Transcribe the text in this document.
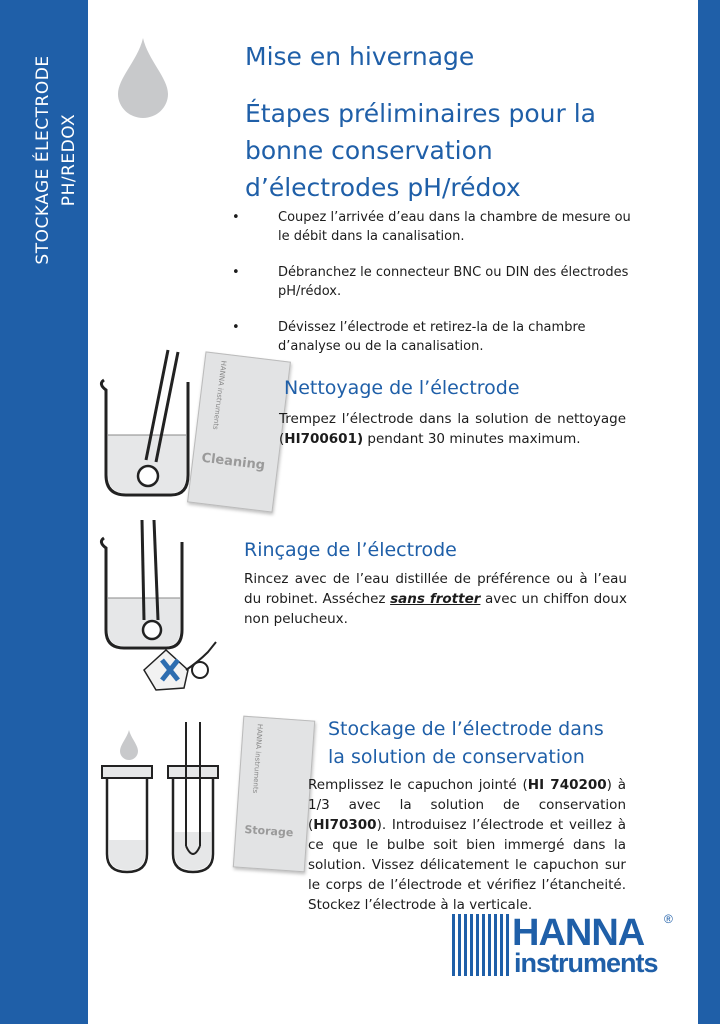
STOCKAGE ÉLECTRODE PH/REDOX
Mise en hivernage
Étapes préliminaires pour la bonne conservation d’électrodes pH/rédox
• Coupez l’arrivée d’eau dans la chambre de mesure ou le débit dans la canalisation.
• Débranchez le connecteur BNC ou DIN des électrodes pH/rédox.
• Dévissez l’électrode et retirez-la de la chambre d’analyse ou de la canalisation.
HANNA instruments
Cleaning
Nettoyage de l’électrode

Trempez l’électrode dans la solution de nettoyage (HI700601) pendant 30 minutes maximum.

Rinçage de l’électrode

Rincez avec de l’eau distillée de préférence ou à l’eau du robinet. Asséchez sans frotter avec un chiffon doux non pelucheux.

HANNA instruments
Storage
Stockage de l’électrode dans la solution de conservation

Remplissez le capuchon jointé (HI 740200) à 1/3 avec la solution de conservation (HI70300). Introduisez l’électrode et veillez à ce que le bulbe soit bien immergé dans la solution. Vissez délicatement le capuchon sur le corps de l’électrode et vérifiez l’étancheité. Stockez l’électrode à la verticale.

HANNA ®
instruments
